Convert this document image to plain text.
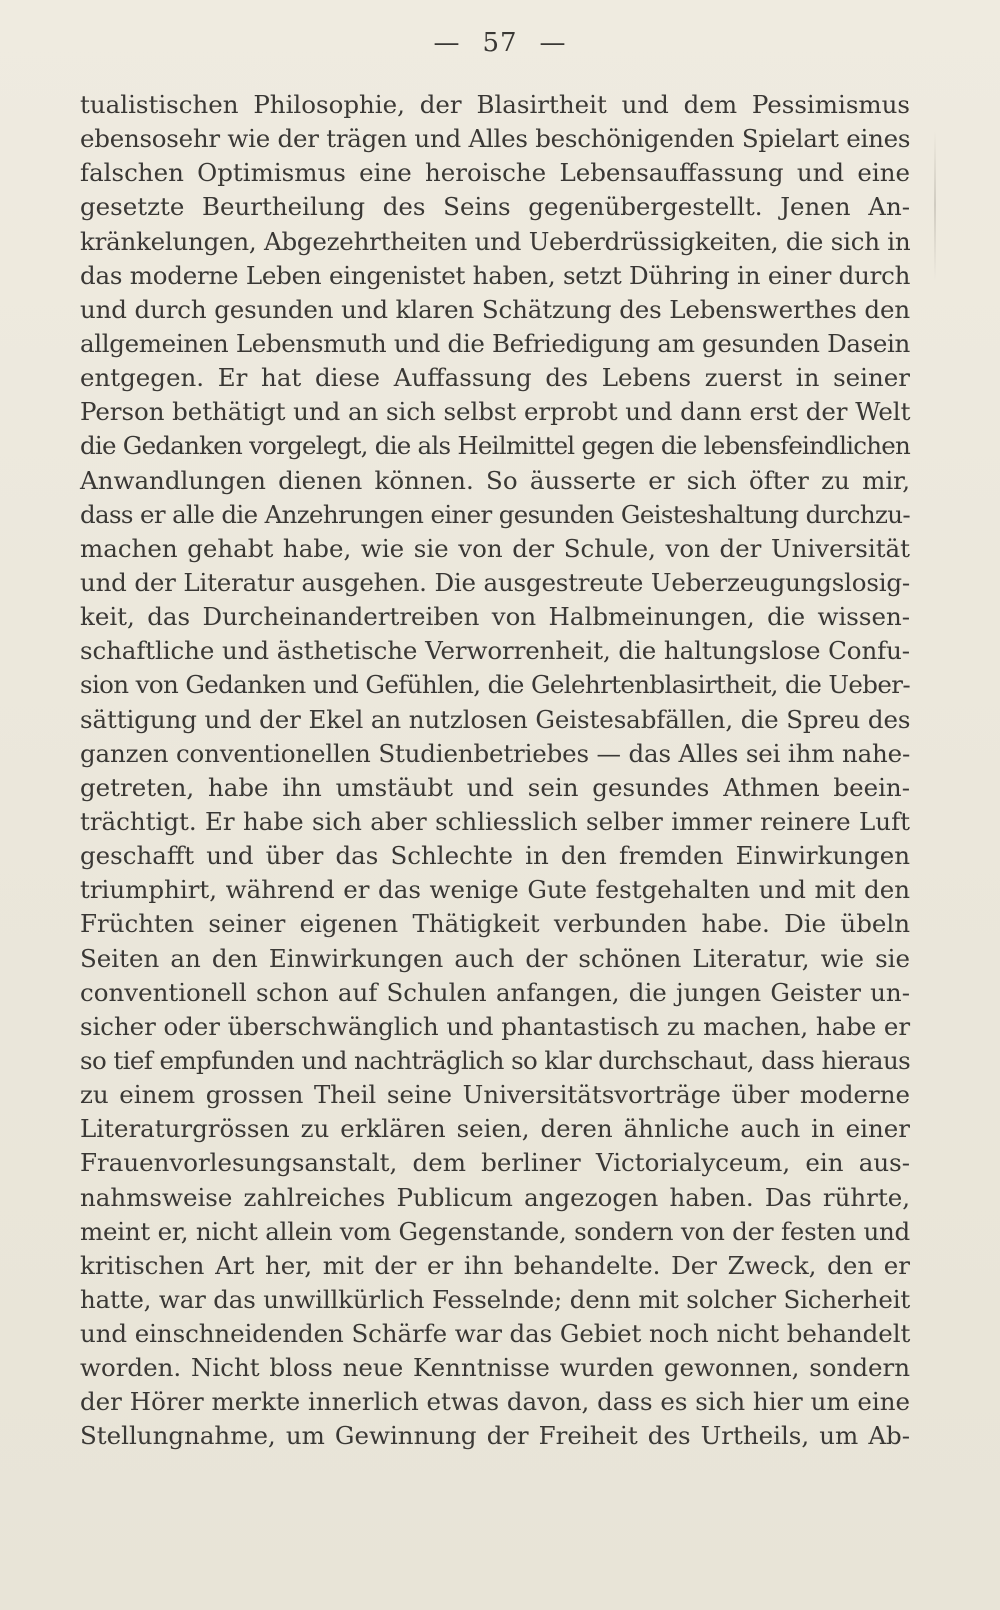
— 57 —
tualistischen Philosophie, der Blasirtheit und dem Pessimismus
ebensosehr wie der trägen und Alles beschönigenden Spielart eines
falschen Optimismus eine heroische Lebensauffassung und eine
gesetzte Beurtheilung des Seins gegenübergestellt. Jenen An-
kränkelungen, Abgezehrtheiten und Ueberdrüssigkeiten, die sich in
das moderne Leben eingenistet haben, setzt Dühring in einer durch
und durch gesunden und klaren Schätzung des Lebenswerthes den
allgemeinen Lebensmuth und die Befriedigung am gesunden Dasein
entgegen. Er hat diese Auffassung des Lebens zuerst in seiner
Person bethätigt und an sich selbst erprobt und dann erst der Welt
die Gedanken vorgelegt, die als Heilmittel gegen die lebensfeindlichen
Anwandlungen dienen können. So äusserte er sich öfter zu mir,
dass er alle die Anzehrungen einer gesunden Geisteshaltung durchzu-
machen gehabt habe, wie sie von der Schule, von der Universität
und der Literatur ausgehen. Die ausgestreute Ueberzeugungslosig-
keit, das Durcheinandertreiben von Halbmeinungen, die wissen-
schaftliche und ästhetische Verworrenheit, die haltungslose Confu-
sion von Gedanken und Gefühlen, die Gelehrtenblasirtheit, die Ueber-
sättigung und der Ekel an nutzlosen Geistesabfällen, die Spreu des
ganzen conventionellen Studienbetriebes — das Alles sei ihm nahe-
getreten, habe ihn umstäubt und sein gesundes Athmen beein-
trächtigt. Er habe sich aber schliesslich selber immer reinere Luft
geschafft und über das Schlechte in den fremden Einwirkungen
triumphirt, während er das wenige Gute festgehalten und mit den
Früchten seiner eigenen Thätigkeit verbunden habe. Die übeln
Seiten an den Einwirkungen auch der schönen Literatur, wie sie
conventionell schon auf Schulen anfangen, die jungen Geister un-
sicher oder überschwänglich und phantastisch zu machen, habe er
so tief empfunden und nachträglich so klar durchschaut, dass hieraus
zu einem grossen Theil seine Universitätsvorträge über moderne
Literaturgrössen zu erklären seien, deren ähnliche auch in einer
Frauenvorlesungsanstalt, dem berliner Victorialyceum, ein aus-
nahmsweise zahlreiches Publicum angezogen haben. Das rührte,
meint er, nicht allein vom Gegenstande, sondern von der festen und
kritischen Art her, mit der er ihn behandelte. Der Zweck, den er
hatte, war das unwillkürlich Fesselnde; denn mit solcher Sicherheit
und einschneidenden Schärfe war das Gebiet noch nicht behandelt
worden. Nicht bloss neue Kenntnisse wurden gewonnen, sondern
der Hörer merkte innerlich etwas davon, dass es sich hier um eine
Stellungnahme, um Gewinnung der Freiheit des Urtheils, um Ab-
